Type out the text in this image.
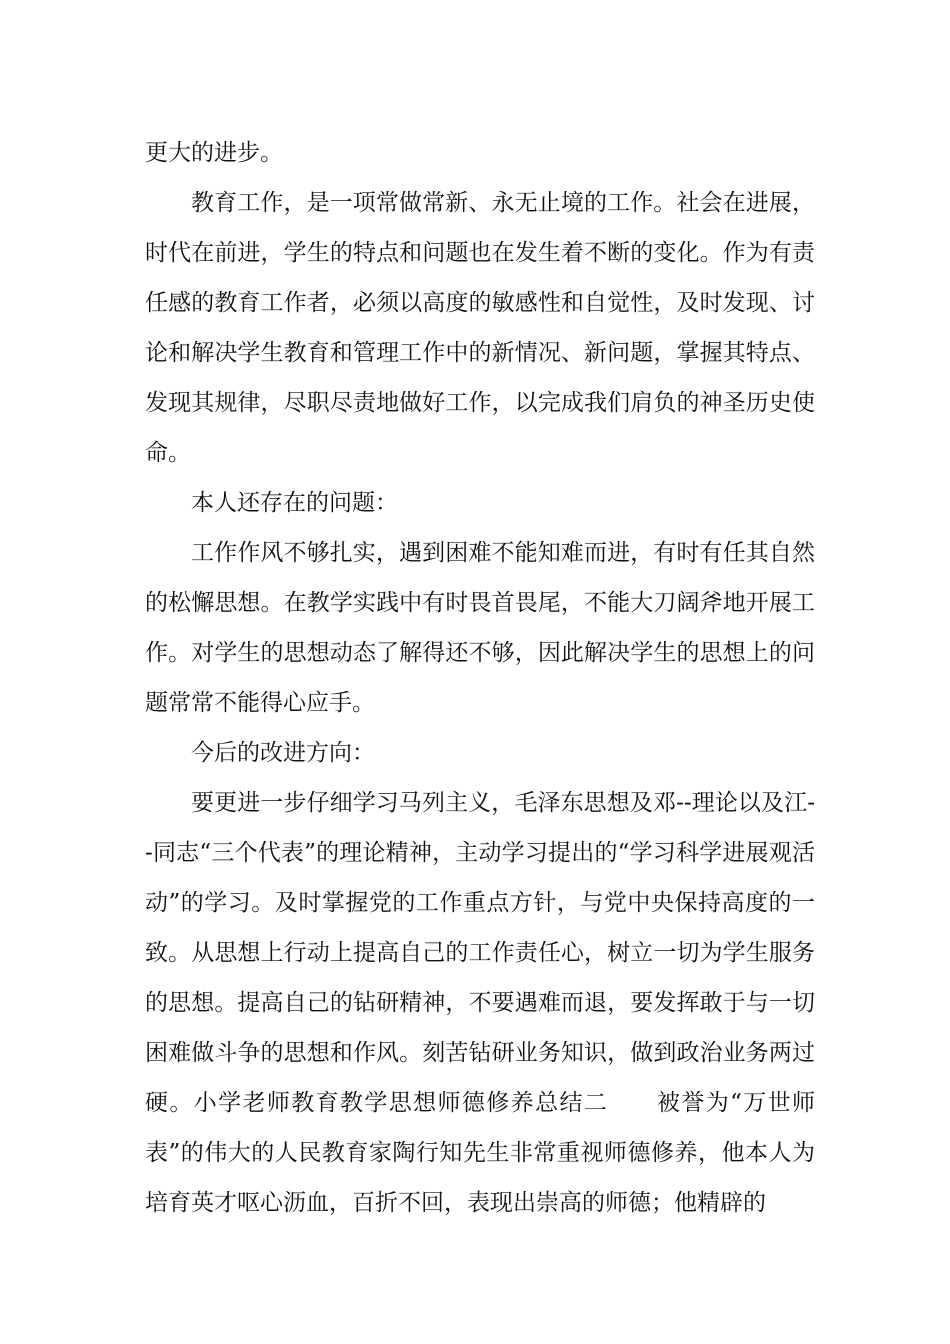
更大的进步。

教育工作，是一项常做常新、永无止境的工作。社会在进展，时代在前进，学生的特点和问题也在发生着不断的变化。作为有责任感的教育工作者，必须以高度的敏感性和自觉性，及时发现、讨论和解决学生教育和管理工作中的新情况、新问题，掌握其特点、发现其规律，尽职尽责地做好工作，以完成我们肩负的神圣历史使命。

本人还存在的问题：

工作作风不够扎实，遇到困难不能知难而进，有时有任其自然的松懈思想。在教学实践中有时畏首畏尾，不能大刀阔斧地开展工作。对学生的思想动态了解得还不够，因此解决学生的思想上的问题常常不能得心应手。

今后的改进方向：

要更进一步仔细学习马列主义，毛泽东思想及邓--理论以及江--同志“三个代表”的理论精神，主动学习提出的“学习科学进展观活动”的学习。及时掌握党的工作重点方针，与党中央保持高度的一致。从思想上行动上提高自己的工作责任心，树立一切为学生服务的思想。提高自己的钻研精神，不要遇难而退，要发挥敢于与一切困难做斗争的思想和作风。刻苦钻研业务知识，做到政治业务两过硬。小学老师教育教学思想师德修养总结二　　被誉为“万世师表”的伟大的人民教育家陶行知先生非常重视师德修养，他本人为培育英才呕心沥血，百折不回，表现出崇高的师德；他精辟的
